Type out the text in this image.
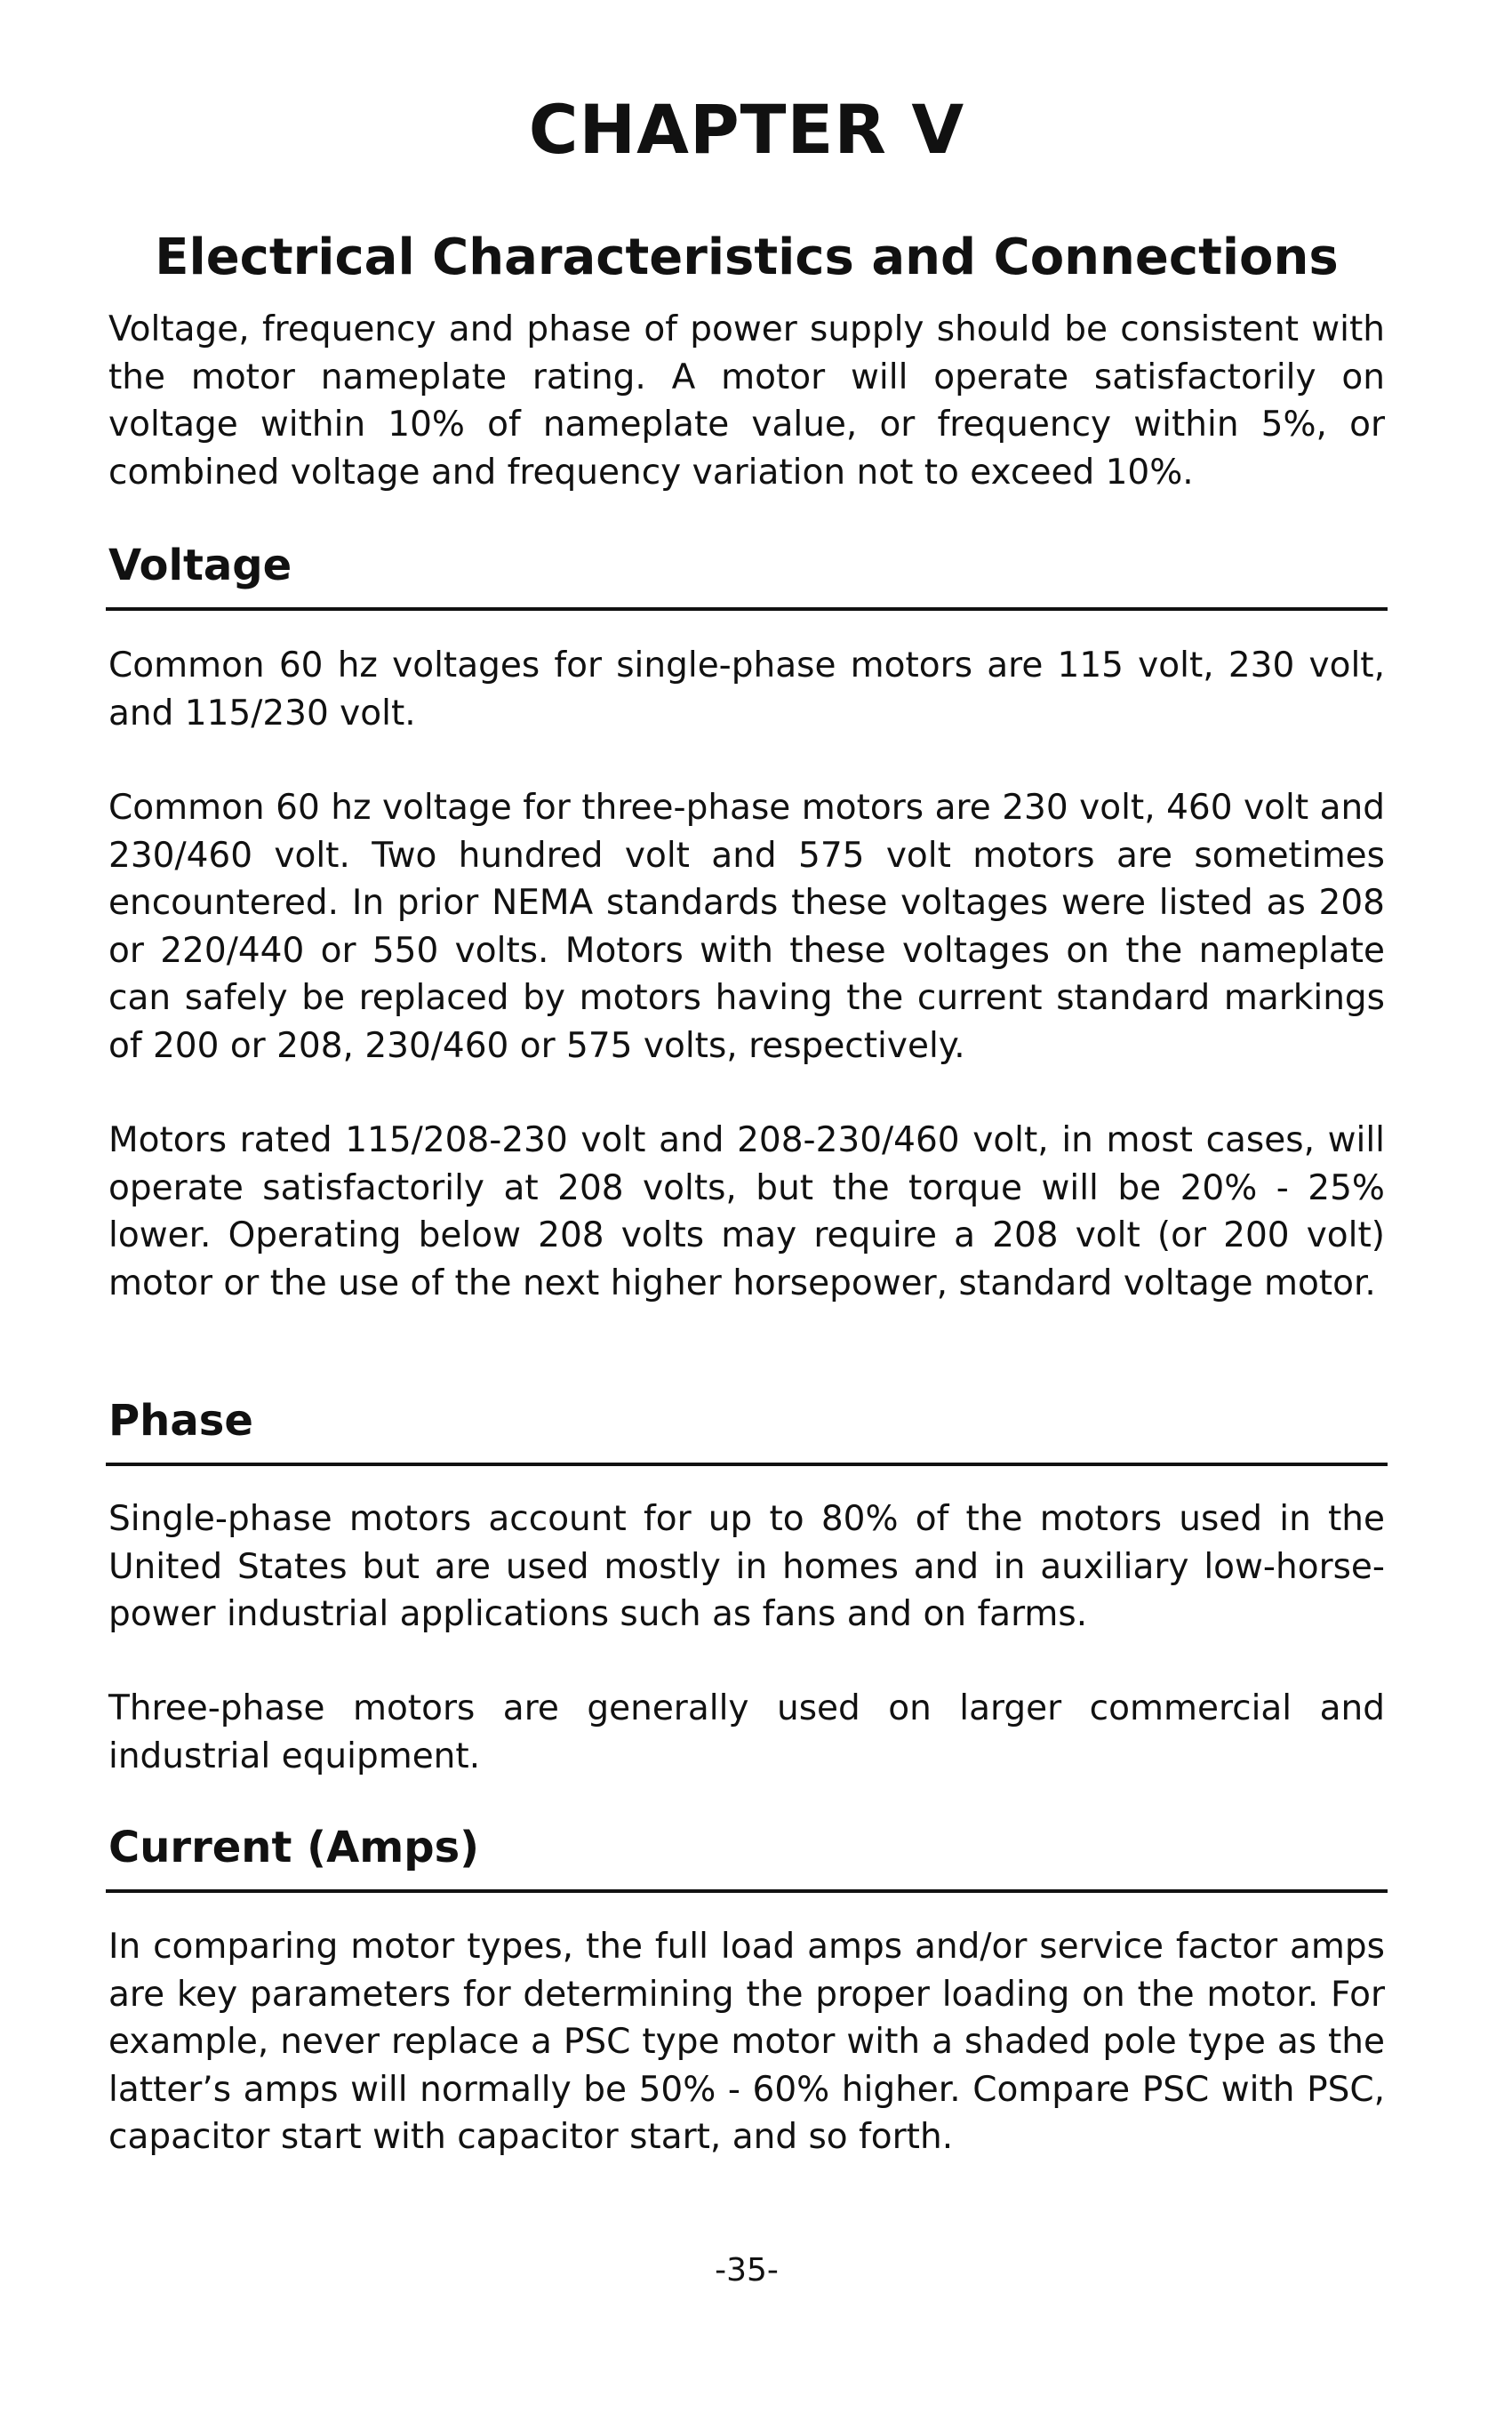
CHAPTER V
Electrical Characteristics and Connections

Voltage, frequency and phase of power supply should be consistent with the motor nameplate rating. A motor will operate satisfactorily on voltage within 10% of nameplate value, or frequency within 5%, or combined voltage and frequency variation not to exceed 10%.

Voltage

Common 60 hz voltages for single-phase motors are 115 volt, 230 volt, and 115/230 volt.

Common 60 hz voltage for three-phase motors are 230 volt, 460 volt and 230/460 volt. Two hundred volt and 575 volt motors are sometimes encountered. In prior NEMA standards these voltages were listed as 208 or 220/440 or 550 volts. Motors with these voltages on the nameplate can safely be replaced by motors having the current standard markings of 200 or 208, 230/460 or 575 volts, respectively.

Motors rated 115/208-230 volt and 208-230/460 volt, in most cases, will operate satisfactorily at 208 volts, but the torque will be 20% - 25% lower. Operating below 208 volts may require a 208 volt (or 200 volt) motor or the use of the next higher horsepower, standard voltage motor.

Phase

Single-phase motors account for up to 80% of the motors used in the United States but are used mostly in homes and in auxiliary low-horse-power industrial applications such as fans and on farms.

Three-phase motors are generally used on larger commercial and industrial equipment.

Current (Amps)

In comparing motor types, the full load amps and/or service factor amps are key parameters for determining the proper loading on the motor. For example, never replace a PSC type motor with a shaded pole type as the latter’s amps will normally be 50% - 60% higher. Compare PSC with PSC, capacitor start with capacitor start, and so forth.

-35-
